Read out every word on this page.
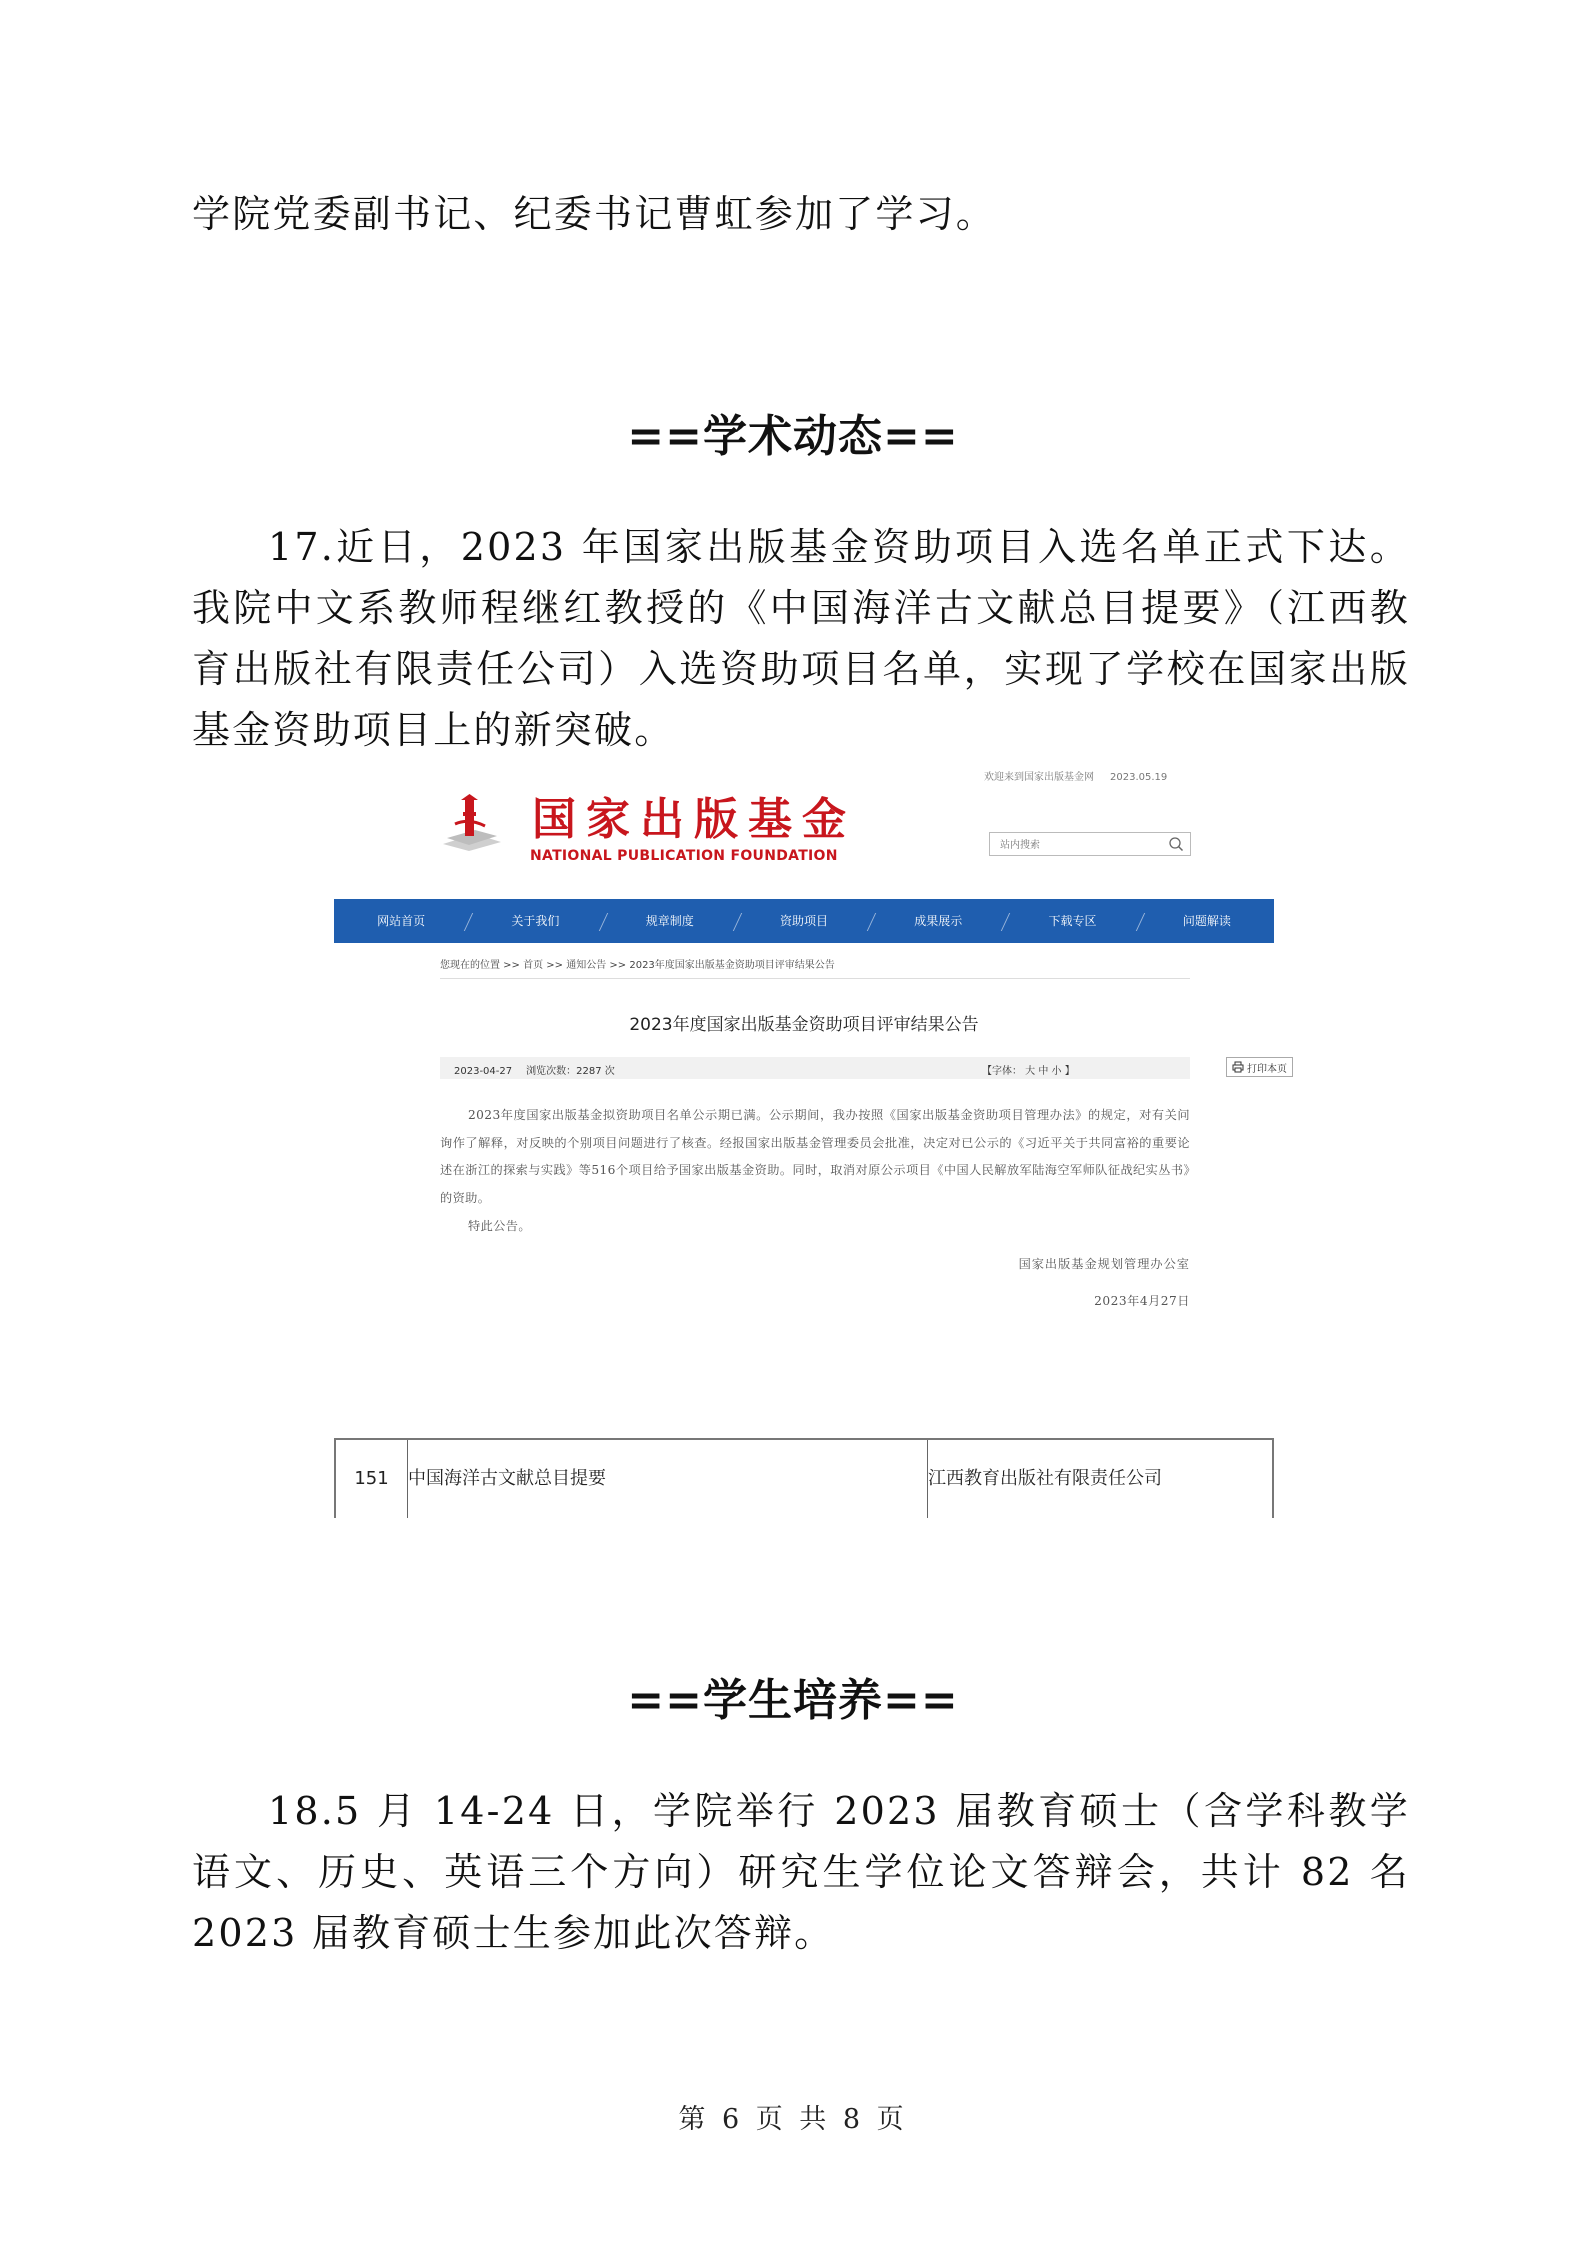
学院党委副书记、纪委书记曹虹参加了学习。
==学术动态==
17.近日，2023 年国家出版基金资助项目入选名单正式下达。我院中文系教师程继红教授的《中国海洋古文献总目提要》（江西教育出版社有限责任公司）入选资助项目名单，实现了学校在国家出版基金资助项目上的新突破。
欢迎来到国家出版基金网 2023.05.19
国家出版基金
NATIONAL PUBLICATION FOUNDATION
站内搜索
网站首页	关于我们	规章制度	资助项目	成果展示	下载专区	问题解读
您现在的位置 >> 首页 >> 通知公告 >> 2023年度国家出版基金资助项目评审结果公告
2023年度国家出版基金资助项目评审结果公告
2023-04-27 浏览次数：2287 次	【字体： 大 中 小 】	打印本页
2023年度国家出版基金拟资助项目名单公示期已满。公示期间，我办按照《国家出版基金资助项目管理办法》的规定，对有关问询作了解释，对反映的个别项目问题进行了核查。经报国家出版基金管理委员会批准，决定对已公示的《习近平关于共同富裕的重要论述在浙江的探索与实践》等516个项目给予国家出版基金资助。同时，取消对原公示项目《中国人民解放军陆海空军师队征战纪实丛书》的资助。
特此公告。
国家出版基金规划管理办公室
2023年4月27日
151	中国海洋古文献总目提要	江西教育出版社有限责任公司
==学生培养==
18.5 月 14-24 日，学院举行 2023 届教育硕士（含学科教学语文、历史、英语三个方向）研究生学位论文答辩会，共计 82 名 2023 届教育硕士生参加此次答辩。
第 6 页 共 8 页
